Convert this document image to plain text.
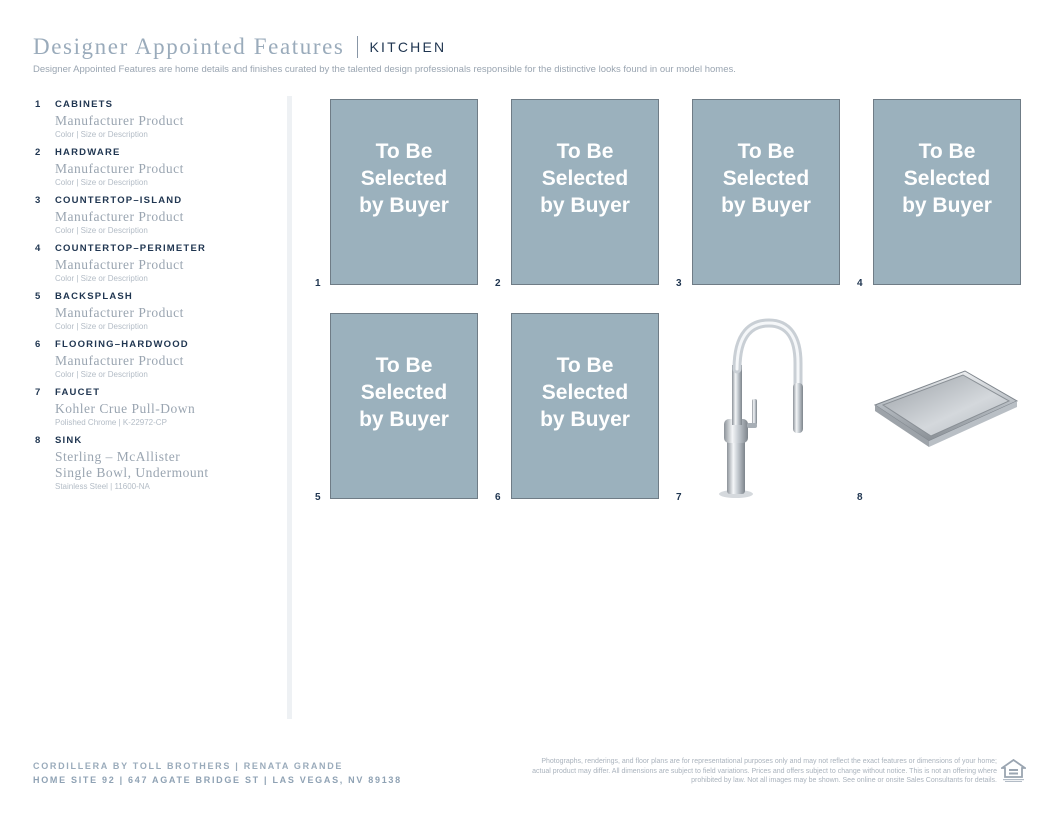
Designer Appointed Features KITCHEN
Designer Appointed Features are home details and finishes curated by the talented design professionals responsible for the distinctive looks found in our model homes.
1	CABINETS
Manufacturer Product
Color | Size or Description
2	HARDWARE
Manufacturer Product
Color | Size or Description
3	COUNTERTOP–ISLAND
Manufacturer Product
Color | Size or Description
4	COUNTERTOP–PERIMETER
Manufacturer Product
Color | Size or Description
5	BACKSPLASH
Manufacturer Product
Color | Size or Description
6	FLOORING–HARDWOOD
Manufacturer Product
Color | Size or Description
7	FAUCET
Kohler Crue Pull-Down
Polished Chrome | K-22972-CP
8	SINK
Sterling – McAllister
Single Bowl, Undermount
Stainless Steel | 11600-NA
To Be
Selected
by Buyer
1
To Be
Selected
by Buyer
2
To Be
Selected
by Buyer
3
To Be
Selected
by Buyer
4
To Be
Selected
by Buyer
5
To Be
Selected
by Buyer
6	7	8
CORDILLERA BY TOLL BROTHERS | RENATA GRANDE
HOME SITE 92 | 647 AGATE BRIDGE ST | LAS VEGAS, NV 89138
Photographs, renderings, and floor plans are for representational purposes only and may not reflect the exact features or dimensions of your home; actual product may differ. All dimensions are subject to field variations. Prices and offers subject to change without notice. This is not an offering where prohibited by law. Not all images may be shown. See online or onsite Sales Consultants for details.
